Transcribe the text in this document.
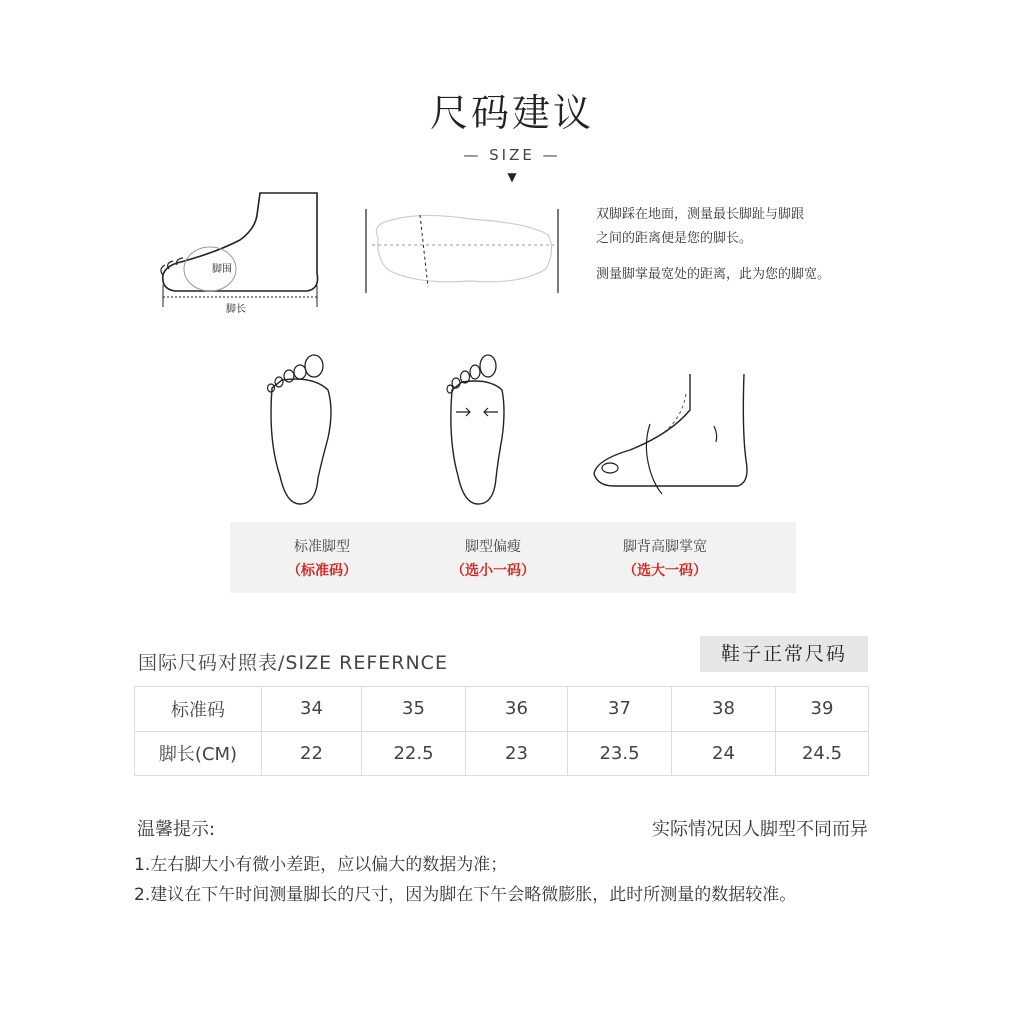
尺码建议
— SIZE —
▼
脚围
脚长
双脚踩在地面，测量最长脚趾与脚跟
之间的距离便是您的脚长。
测量脚掌最宽处的距离，此为您的脚宽。
标准脚型
（标准码）
脚型偏瘦
（选小一码）
脚背高脚掌宽
（选大一码）
国际尺码对照表/SIZE REFERNCE	鞋子正常尺码
标准码	34	35	36	37	38	39
脚长(CM)	22	22.5	23	23.5	24	24.5
温馨提示:	实际情况因人脚型不同而异
1.左右脚大小有微小差距，应以偏大的数据为准；
2.建议在下午时间测量脚长的尺寸，因为脚在下午会略微膨胀，此时所测量的数据较准。
